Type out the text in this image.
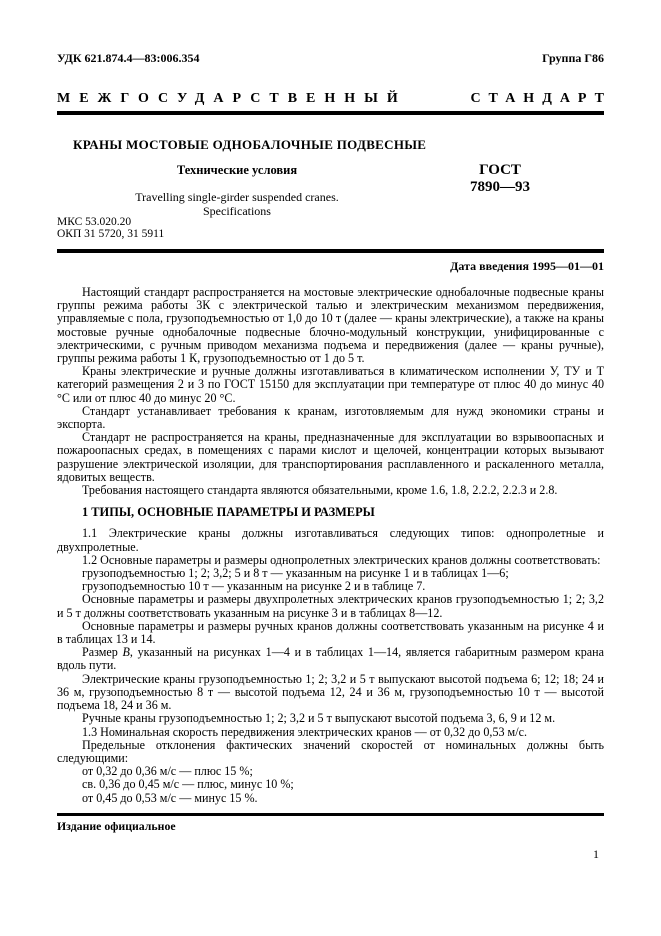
УДК 621.874.4—83:006.354	Группа Г86
МЕЖГОСУДАРСТВЕННЫЙ	СТАНДАРТ
КРАНЫ МОСТОВЫЕ ОДНОБАЛОЧНЫЕ ПОДВЕСНЫЕ
Технические условия
Travelling single-girder suspended cranes.
Specifications
МКС 53.020.20
ОКП 31 5720, 31 5911
ГОСТ
7890—93
Дата введения 1995—01—01

Настоящий стандарт распространяется на мостовые электрические однобалочные подвесные краны группы режима работы 3К с электрической талью и электрическим механизмом передвижения, управляемые с пола, грузоподъемностью от 1,0 до 10 т (далее — краны электрические), а также на краны мостовые ручные однобалочные подвесные блочно-модульный конструкции, унифицированные с электрическими, с ручным приводом механизма подъема и передвижения (далее — краны ручные), группы режима работы 1 К, грузоподъемностью от 1 до 5 т.

Краны электрические и ручные должны изготавливаться в климатическом исполнении У, ТУ и Т категорий размещения 2 и 3 по ГОСТ 15150 для эксплуатации при температуре от плюс 40 до минус 40 °С или от плюс 40 до минус 20 °С.

Стандарт устанавливает требования к кранам, изготовляемым для нужд экономики страны и экспорта.

Стандарт не распространяется на краны, предназначенные для эксплуатации во взрывоопасных и пожароопасных средах, в помещениях с парами кислот и щелочей, концентрации которых вызывают разрушение электрической изоляции, для транспортирования расплавленного и раскаленного металла, ядовитых веществ.

Требования настоящего стандарта являются обязательными, кроме 1.6, 1.8, 2.2.2, 2.2.3 и 2.8.

1 ТИПЫ, ОСНОВНЫЕ ПАРАМЕТРЫ И РАЗМЕРЫ

1.1 Электрические краны должны изготавливаться следующих типов: однопролетные и двухпролетные.

1.2 Основные параметры и размеры однопролетных электрических кранов должны соответствовать:

грузоподъемностью 1; 2; 3,2; 5 и 8 т — указанным на рисунке 1 и в таблицах 1—6;

грузоподъемностью 10 т — указанным на рисунке 2 и в таблице 7.

Основные параметры и размеры двухпролетных электрических кранов грузоподъемностью 1; 2; 3,2 и 5 т должны соответствовать указанным на рисунке 3 и в таблицах 8—12.

Основные параметры и размеры ручных кранов должны соответствовать указанным на рисунке 4 и в таблицах 13 и 14.

Размер В, указанный на рисунках 1—4 и в таблицах 1—14, является габаритным размером крана вдоль пути.

Электрические краны грузоподъемностью 1; 2; 3,2 и 5 т выпускают высотой подъема 6; 12; 18; 24 и 36 м, грузоподъемностью 8 т — высотой подъема 12, 24 и 36 м, грузоподъемностью 10 т — высотой подъема 18, 24 и 36 м.

Ручные краны грузоподъемностью 1; 2; 3,2 и 5 т выпускают высотой подъема 3, 6, 9 и 12 м.

1.3 Номинальная скорость передвижения электрических кранов — от 0,32 до 0,53 м/с.

Предельные отклонения фактических значений скоростей от номинальных должны быть следующими:

от 0,32 до 0,36 м/с — плюс 15 %;

св. 0,36 до 0,45 м/с — плюс, минус 10 %;

от 0,45 до 0,53 м/с — минус 15 %.

Издание официальное
1
